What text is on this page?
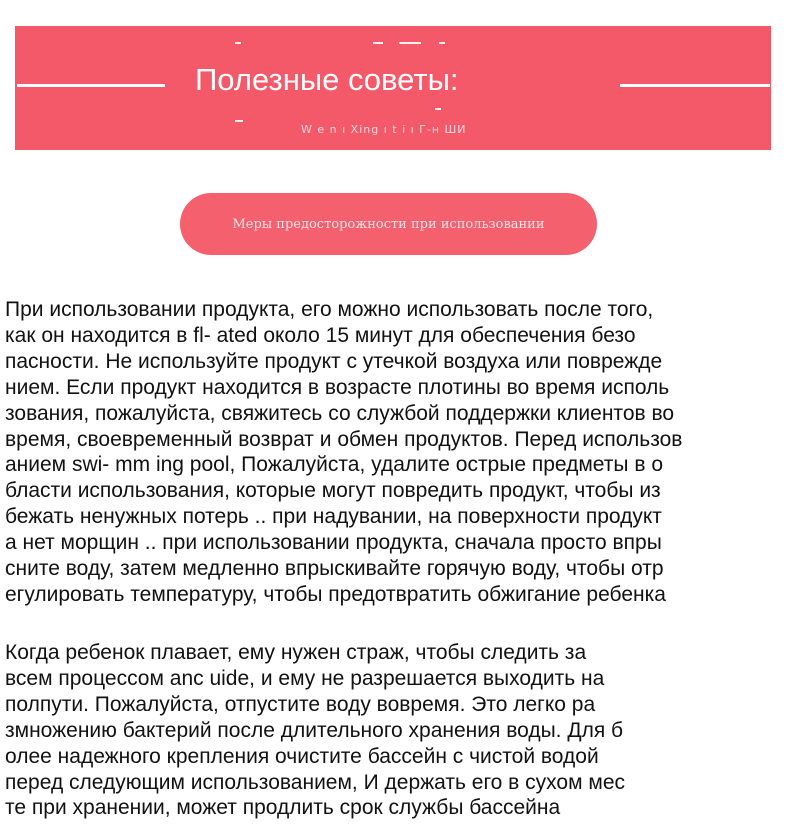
Полезные советы:
W e n ı Xing ı t i ı Г-н ШИ
Меры предосторожности при использовании
При использовании продукта, его можно использовать после того,
как он находится в fl- ated около 15 минут для обеспечения безо
пасности. Не используйте продукт с утечкой воздуха или поврежде
нием. Если продукт находится в возрасте плотины во время исполь
зования, пожалуйста, свяжитесь со службой поддержки клиентов во
время, своевременный возврат и обмен продуктов. Перед использов
анием swi- mm ing pool, Пожалуйста, удалите острые предметы в о
бласти использования, которые могут повредить продукт, чтобы из
бежать ненужных потерь .. при надувании, на поверхности продукт
а нет морщин .. при использовании продукта, сначала просто впры
сните воду, затем медленно впрыскивайте горячую воду, чтобы отр
егулировать температуру, чтобы предотвратить обжигание ребенка
Когда ребенок плавает, ему нужен страж, чтобы следить за
всем процессом anc uide, и ему не разрешается выходить на
полпути. Пожалуйста, отпустите воду вовремя. Это легко ра
змножению бактерий после длительного хранения воды. Для б
олее надежного крепления очистите бассейн с чистой водой
перед следующим использованием, И держать его в сухом мес
те при хранении, может продлить срок службы бассейна
